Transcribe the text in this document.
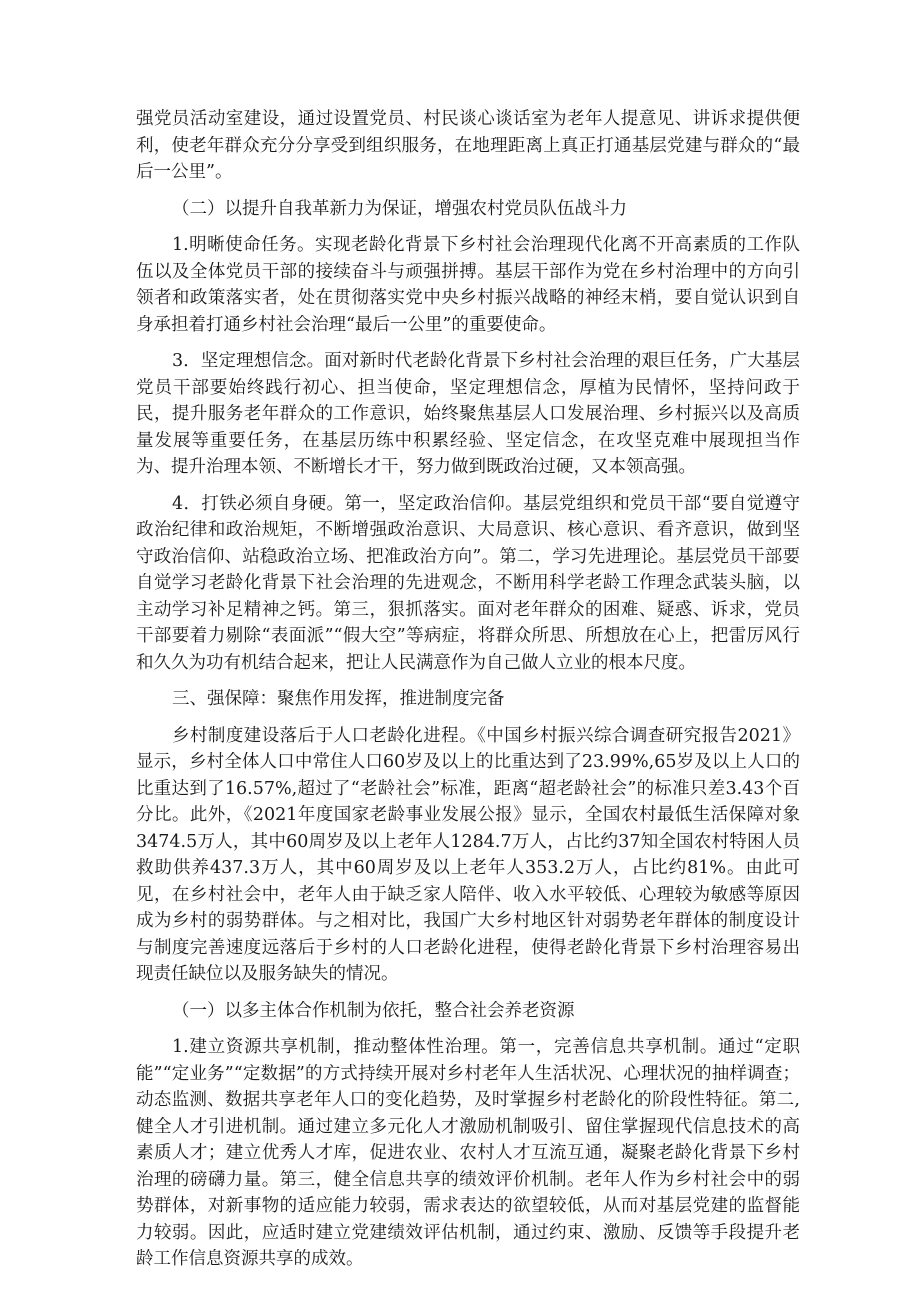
强党员活动室建设，通过设置党员、村民谈心谈话室为老年人提意见、讲诉求提供便利，使老年群众充分分享受到组织服务，在地理距离上真正打通基层党建与群众的“最后一公里”。

（二）以提升自我革新力为保证，增强农村党员队伍战斗力

1.明晰使命任务。实现老龄化背景下乡村社会治理现代化离不开高素质的工作队伍以及全体党员干部的接续奋斗与顽强拼搏。基层干部作为党在乡村治理中的方向引领者和政策落实者，处在贯彻落实党中央乡村振兴战略的神经末梢，要自觉认识到自身承担着打通乡村社会治理“最后一公里”的重要使命。

3．坚定理想信念。面对新时代老龄化背景下乡村社会治理的艰巨任务，广大基层党员干部要始终践行初心、担当使命，坚定理想信念，厚植为民情怀，坚持问政于民，提升服务老年群众的工作意识，始终聚焦基层人口发展治理、乡村振兴以及高质量发展等重要任务，在基层历练中积累经验、坚定信念，在攻坚克难中展现担当作为、提升治理本领、不断增长才干，努力做到既政治过硬，又本领高强。

4．打铁必须自身硬。第一，坚定政治信仰。基层党组织和党员干部“要自觉遵守政治纪律和政治规矩，不断增强政治意识、大局意识、核心意识、看齐意识，做到坚守政治信仰、站稳政治立场、把准政治方向”。第二，学习先进理论。基层党员干部要自觉学习老龄化背景下社会治理的先进观念，不断用科学老龄工作理念武装头脑，以主动学习补足精神之钙。第三，狠抓落实。面对老年群众的困难、疑惑、诉求，党员干部要着力剔除“表面派”“假大空”等病症，将群众所思、所想放在心上，把雷厉风行和久久为功有机结合起来，把让人民满意作为自己做人立业的根本尺度。

三、强保障：聚焦作用发挥，推进制度完备

乡村制度建设落后于人口老龄化进程。《中国乡村振兴综合调查研究报告2021》显示，乡村全体人口中常住人口60岁及以上的比重达到了23.99%,65岁及以上人口的比重达到了16.57%,超过了“老龄社会”标准，距离“超老龄社会”的标准只差3.43个百分比。此外，《2021年度国家老龄事业发展公报》显示，全国农村最低生活保障对象3474.5万人，其中60周岁及以上老年人1284.7万人，占比约37知全国农村特困人员救助供养437.3万人，其中60周岁及以上老年人353.2万人，占比约81%。由此可见，在乡村社会中，老年人由于缺乏家人陪伴、收入水平较低、心理较为敏感等原因成为乡村的弱势群体。与之相对比，我国广大乡村地区针对弱势老年群体的制度设计与制度完善速度远落后于乡村的人口老龄化进程，使得老龄化背景下乡村治理容易出现责任缺位以及服务缺失的情况。

（一）以多主体合作机制为依托，整合社会养老资源

1.建立资源共享机制，推动整体性治理。第一，完善信息共享机制。通过“定职能”“定业务”“定数据”的方式持续开展对乡村老年人生活状况、心理状况的抽样调查；动态监测、数据共享老年人口的变化趋势，及时掌握乡村老龄化的阶段性特征。第二,健全人才引进机制。通过建立多元化人才激励机制吸引、留住掌握现代信息技术的高素质人才；建立优秀人才库，促进农业、农村人才互流互通，凝聚老龄化背景下乡村治理的磅礴力量。第三，健全信息共享的绩效评价机制。老年人作为乡村社会中的弱势群体，对新事物的适应能力较弱，需求表达的欲望较低，从而对基层党建的监督能力较弱。因此，应适时建立党建绩效评估机制，通过约束、激励、反馈等手段提升老龄工作信息资源共享的成效。
